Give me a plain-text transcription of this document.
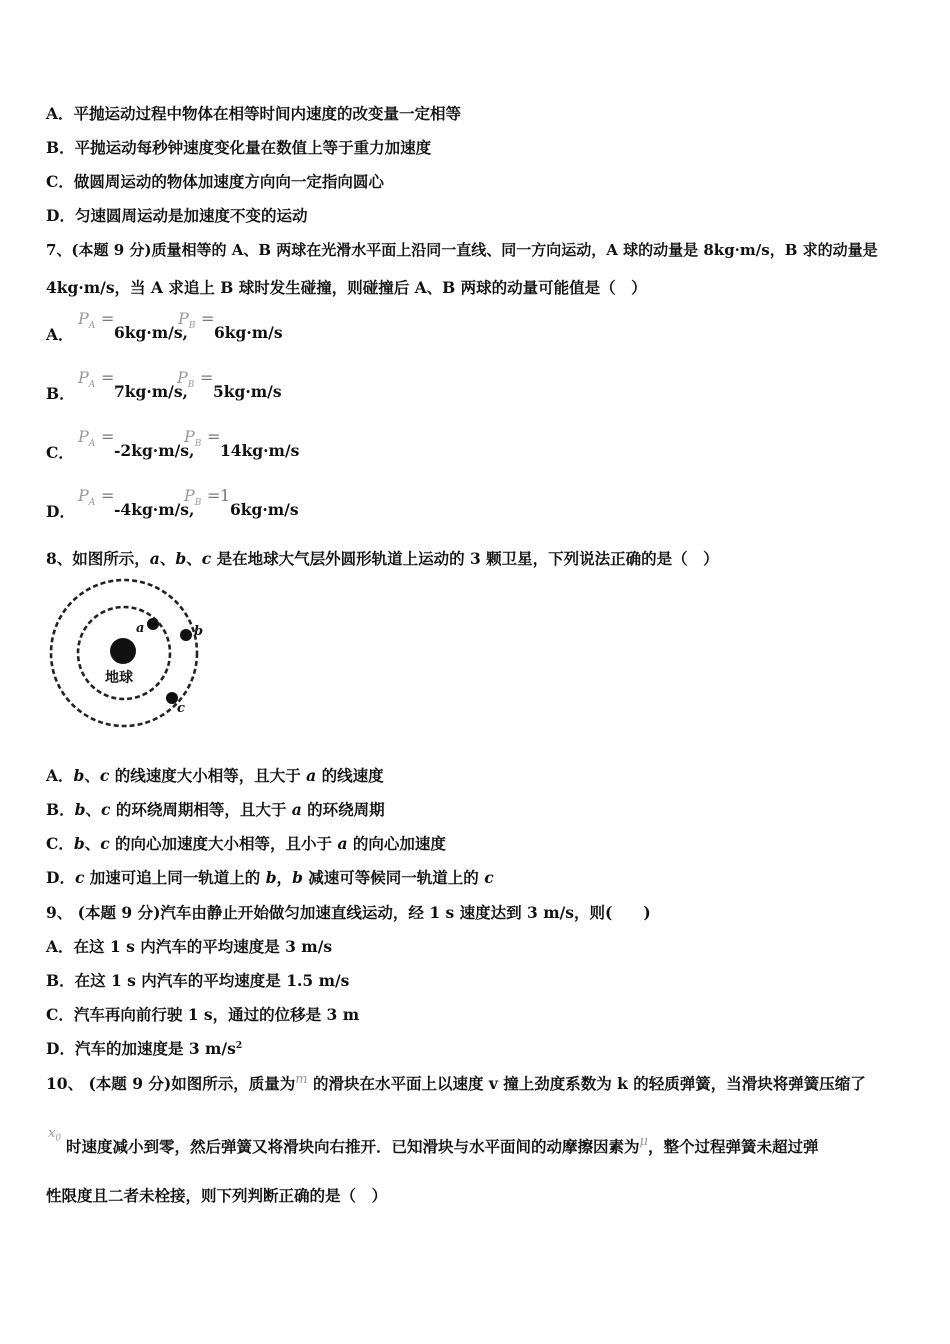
A．平抛运动过程中物体在相等时间内速度的改变量一定相等
B．平抛运动每秒钟速度变化量在数值上等于重力加速度
C．做圆周运动的物体加速度方向向一定指向圆心
D．匀速圆周运动是加速度不变的运动
7、(本题 9 分)质量相等的 A、B 两球在光滑水平面上沿同一直线、同一方向运动，A 球的动量是 8kg·m/s，B 求的动量是
4kg·m/s，当 A 求追上 B 球时发生碰撞，则碰撞后 A、B 两球的动量可能值是（　）
A．
$P_A$ =
6kg·m/s,
$P_B$ =
6kg·m/s
B．
$P_A$ =
7kg·m/s,
$P_B$ =
5kg·m/s
C．
$P_A$ =
-2kg·m/s,
$P_B$ =
14kg·m/s
D．
$P_A$ =
-4kg·m/s,
$P_B = 1$
6kg·m/s
8、如图所示，a、b、c 是在地球大气层外圆形轨道上运动的 3 颗卫星，下列说法正确的是（　）
地球
a	b
c
A．b、c 的线速度大小相等，且大于 a 的线速度
B．b、c 的环绕周期相等，且大于 a 的环绕周期
C．b、c 的向心加速度大小相等，且小于 a 的向心加速度
D．c 加速可追上同一轨道上的 b，b 减速可等候同一轨道上的 c
9、 (本题 9 分)汽车由静止开始做匀加速直线运动，经 1 s 速度达到 3 m/s，则(　　)
A．在这 1 s 内汽车的平均速度是 3 m/s
B．在这 1 s 内汽车的平均速度是 1.5 m/s
C．汽车再向前行驶 1 s，通过的位移是 3 m
D．汽车的加速度是 3 $m/s^2$
10、 (本题 9 分)如图所示，质量为$^m$ 的滑块在水平面上以速度 v 撞上劲度系数为 k 的轻质弹簧，当滑块将弹簧压缩了
$x_0$ 时速度减小到零，然后弹簧又将滑块向右推开．已知滑块与水平面间的动摩擦因素为$^\mu$，整个过程弹簧未超过弹
性限度且二者未栓接，则下列判断正确的是（　）
